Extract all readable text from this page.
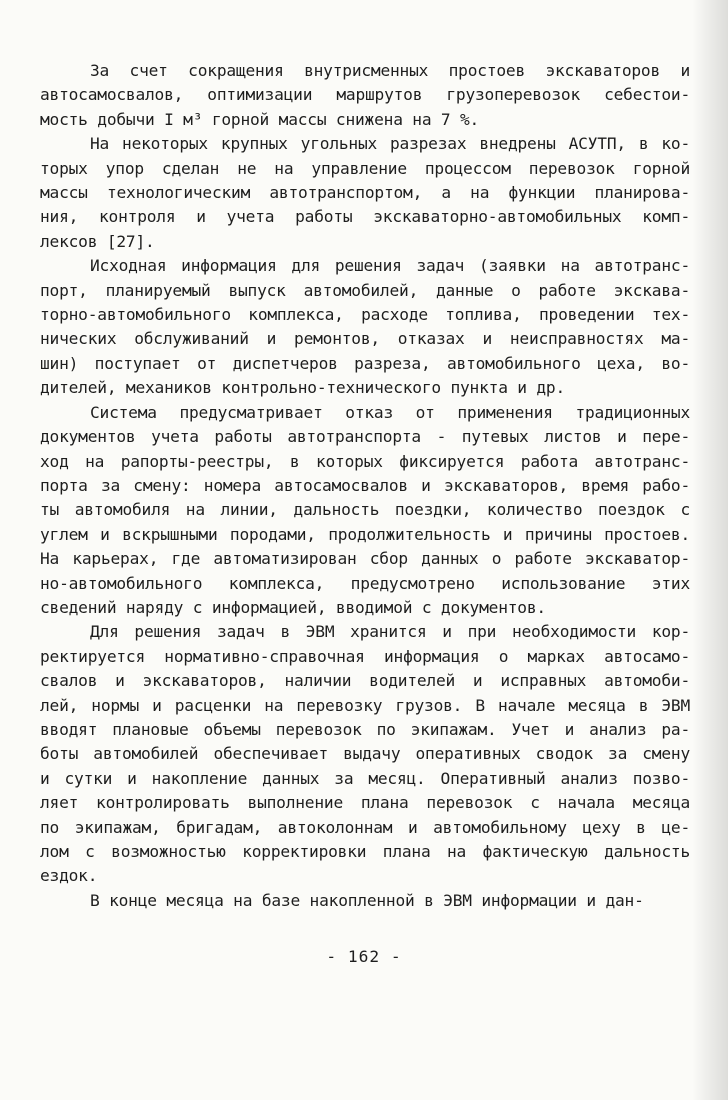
За счет сокращения внутрисменных простоев экскаваторов и
автосамосвалов, оптимизации маршрутов грузоперевозок себестои-
мость добычи I м³ горной массы снижена на 7 %.
На некоторых крупных угольных разрезах внедрены АСУТП, в ко-
торых упор сделан не на управление процессом перевозок горной
массы технологическим автотранспортом, а на функции планирова-
ния, контроля и учета работы экскаваторно-автомобильных комп-
лексов [27].
Исходная информация для решения задач (заявки на автотранс-
порт, планируемый выпуск автомобилей, данные о работе экскава-
торно-автомобильного комплекса, расходе топлива, проведении тех-
нических обслуживаний и ремонтов, отказах и неисправностях ма-
шин) поступает от диспетчеров разреза, автомобильного цеха, во-
дителей, механиков контрольно-технического пункта и др.
Система предусматривает отказ от применения традиционных
документов учета работы автотранспорта - путевых листов и пере-
ход на рапорты-реестры, в которых фиксируется работа автотранс-
порта за смену: номера автосамосвалов и экскаваторов, время рабо-
ты автомобиля на линии, дальность поездки, количество поездок с
углем и вскрышными породами, продолжительность и причины простоев.
На карьерах, где автоматизирован сбор данных о работе экскаватор-
но-автомобильного комплекса, предусмотрено использование этих
сведений наряду с информацией, вводимой с документов.
Для решения задач в ЭВМ хранится и при необходимости кор-
ректируется нормативно-справочная информация о марках автосамо-
свалов и экскаваторов, наличии водителей и исправных автомоби-
лей, нормы и расценки на перевозку грузов. В начале месяца в ЭВМ
вводят плановые объемы перевозок по экипажам. Учет и анализ ра-
боты автомобилей обеспечивает выдачу оперативных сводок за смену
и сутки и накопление данных за месяц. Оперативный анализ позво-
ляет контролировать выполнение плана перевозок с начала месяца
по экипажам, бригадам, автоколоннам и автомобильному цеху в це-
лом с возможностью корректировки плана на фактическую дальность
ездок.
В конце месяца на базе накопленной в ЭВМ информации и дан-
- 162 -
